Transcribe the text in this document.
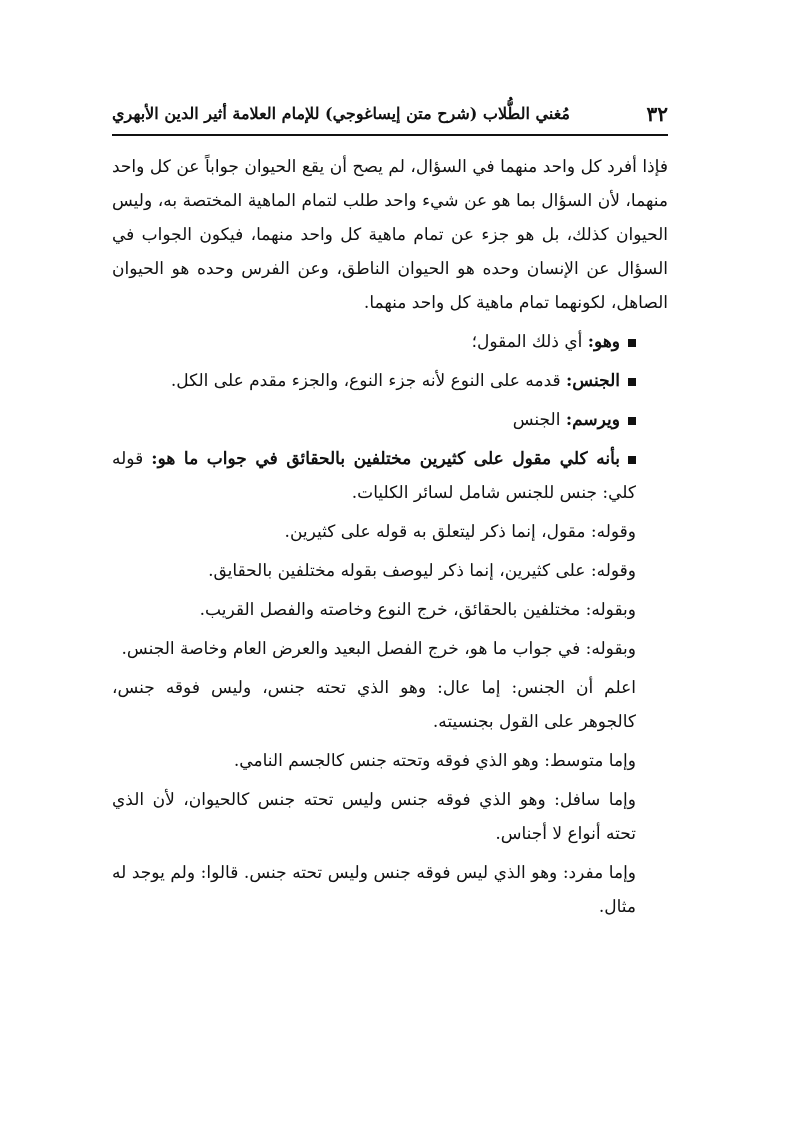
٣٢
مُغني الطُّلاب (شرح متن إيساغوجي) للإمام العلامة أثير الدين الأبهري

فإذا أفرد كل واحد منهما في السؤال، لم يصح أن يقع الحيوان جواباً عن كل واحد منهما، لأن السؤال بما هو عن شيء واحد طلب لتمام الماهية المختصة به، وليس الحيوان كذلك، بل هو جزء عن تمام ماهية كل واحد منهما، فيكون الجواب في السؤال عن الإنسان وحده هو الحيوان الناطق، وعن الفرس وحده هو الحيوان الصاهل، لكونهما تمام ماهية كل واحد منهما.

وهو: أي ذلك المقول؛

الجنس: قدمه على النوع لأنه جزء النوع، والجزء مقدم على الكل.

ويرسم: الجنس

بأنه كلي مقول على كثيرين مختلفين بالحقائق في جواب ما هو: قوله كلي: جنس للجنس شامل لسائر الكليات.

وقوله: مقول، إنما ذكر ليتعلق به قوله على كثيرين.

وقوله: على كثيرين، إنما ذكر ليوصف بقوله مختلفين بالحقايق.

وبقوله: مختلفين بالحقائق، خرج النوع وخاصته والفصل القريب.

وبقوله: في جواب ما هو، خرج الفصل البعيد والعرض العام وخاصة الجنس.

اعلم أن الجنس: إما عال: وهو الذي تحته جنس، وليس فوقه جنس، كالجوهر على القول بجنسيته.

وإما متوسط: وهو الذي فوقه وتحته جنس كالجسم النامي.

وإما سافل: وهو الذي فوقه جنس وليس تحته جنس كالحيوان، لأن الذي تحته أنواع لا أجناس.

وإما مفرد: وهو الذي ليس فوقه جنس وليس تحته جنس. قالوا: ولم يوجد له مثال.
